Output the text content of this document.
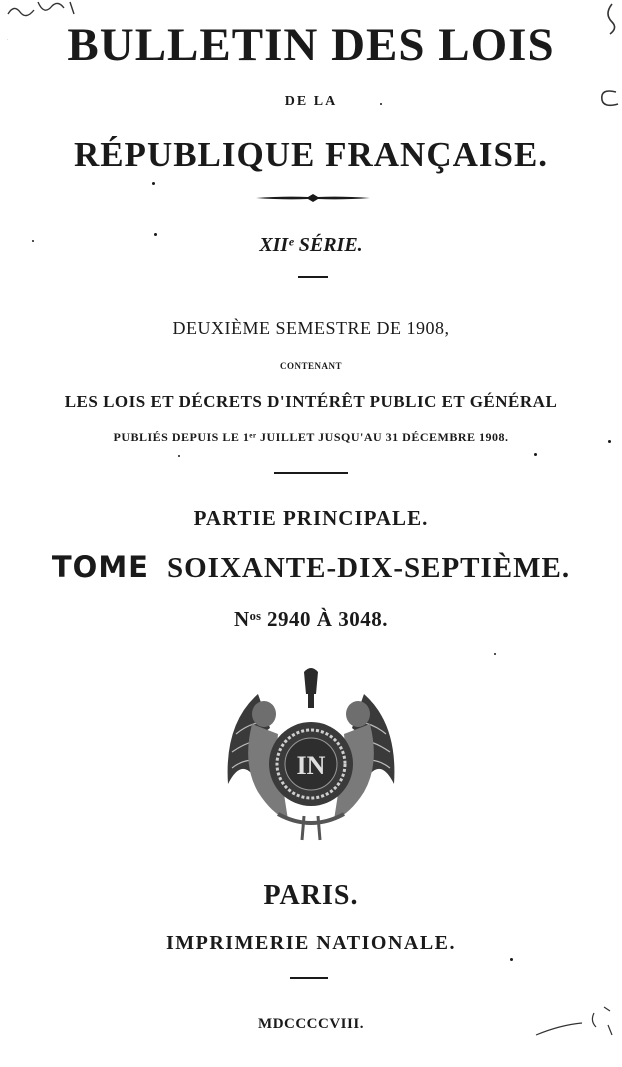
BULLETIN DES LOIS
DE LA
RÉPUBLIQUE FRANÇAISE.
XIIᵉ SÉRIE.
DEUXIÈME SEMESTRE DE 1908,
CONTENANT
LES LOIS ET DÉCRETS D'INTÉRÊT PUBLIC ET GÉNÉRAL
PUBLIÉS DEPUIS LE 1ᵉʳ JUILLET JUSQU'AU 31 DÉCEMBRE 1908.
PARTIE PRINCIPALE.
TOME SOIXANTE-DIX-SEPTIÈME.
Nᵒˢ 2940 À 3048.
IN
PARIS.
IMPRIMERIE NATIONALE.
MDCCCCVIII.
